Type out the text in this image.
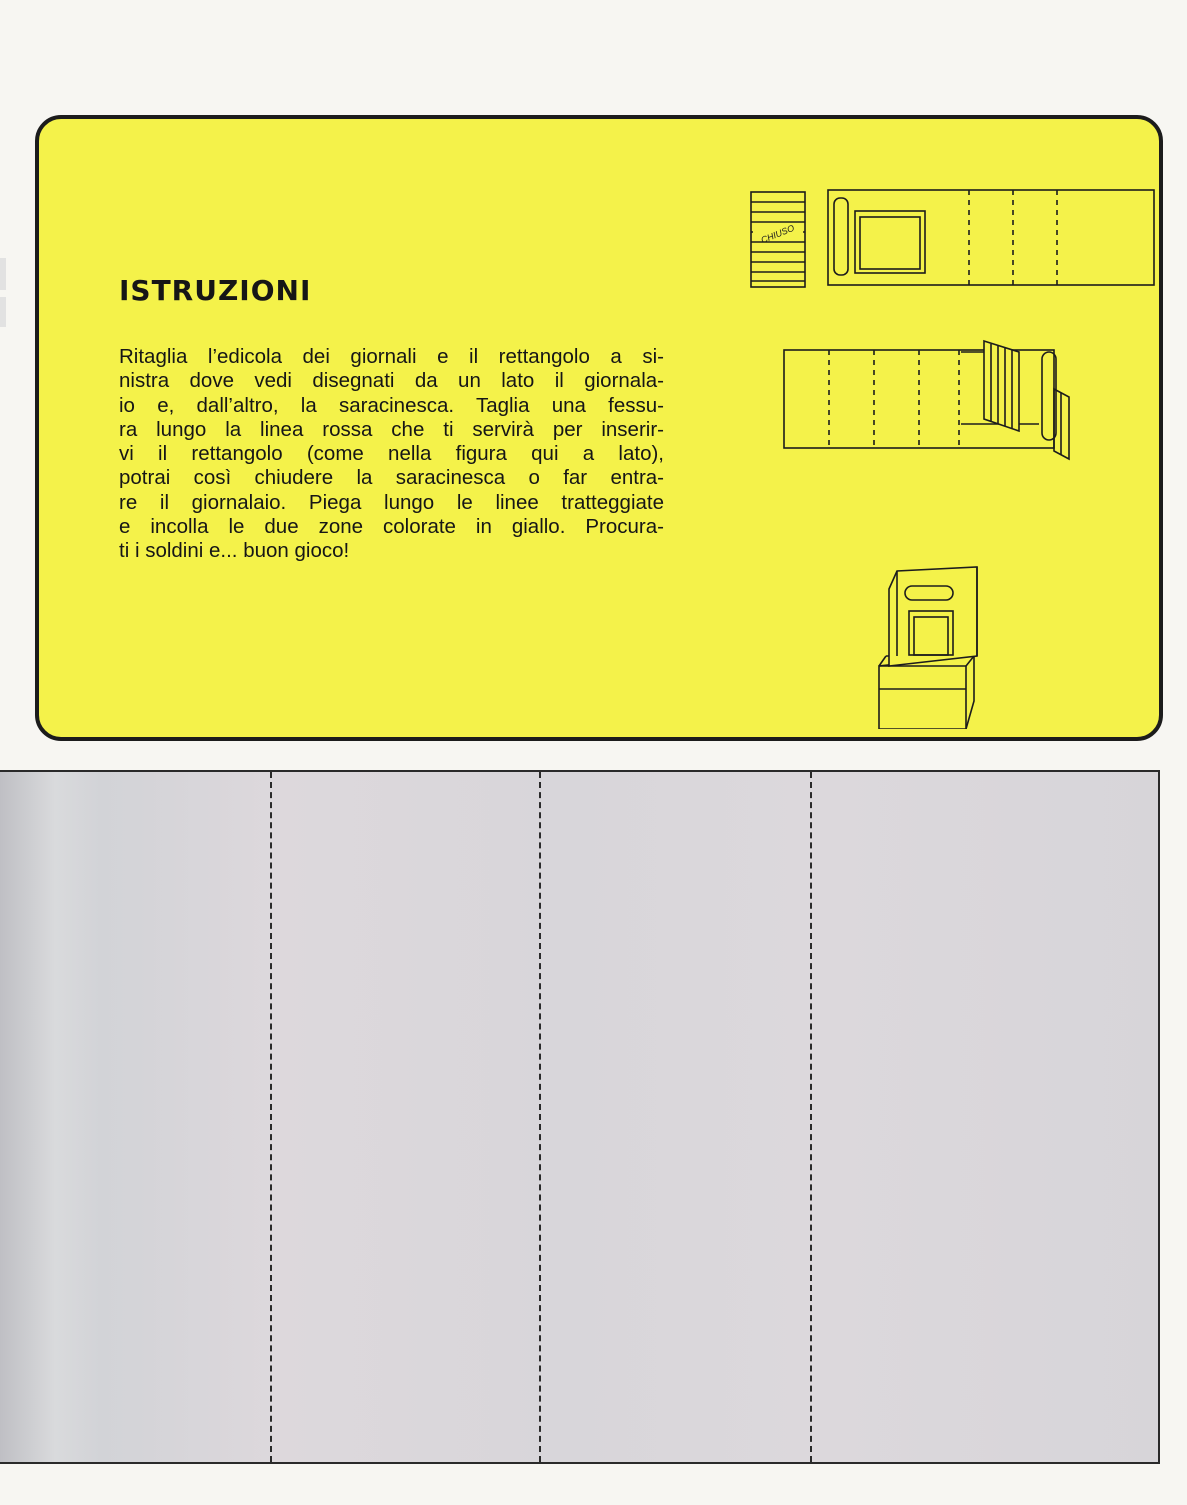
ISTRUZIONI

Ritaglia l’edicola dei giornali e il rettangolo a si-
nistra dove vedi disegnati da un lato il giornala-
io e, dall’altro, la saracinesca. Taglia una fessu-
ra lungo la linea rossa che ti servirà per inserir-
vi il rettangolo (come nella figura qui a lato),
potrai così chiudere la saracinesca o far entra-
re il giornalaio. Piega lungo le linee tratteggiate
e incolla le due zone colorate in giallo. Procura-
ti i soldini e... buon gioco!

CHIUSO
